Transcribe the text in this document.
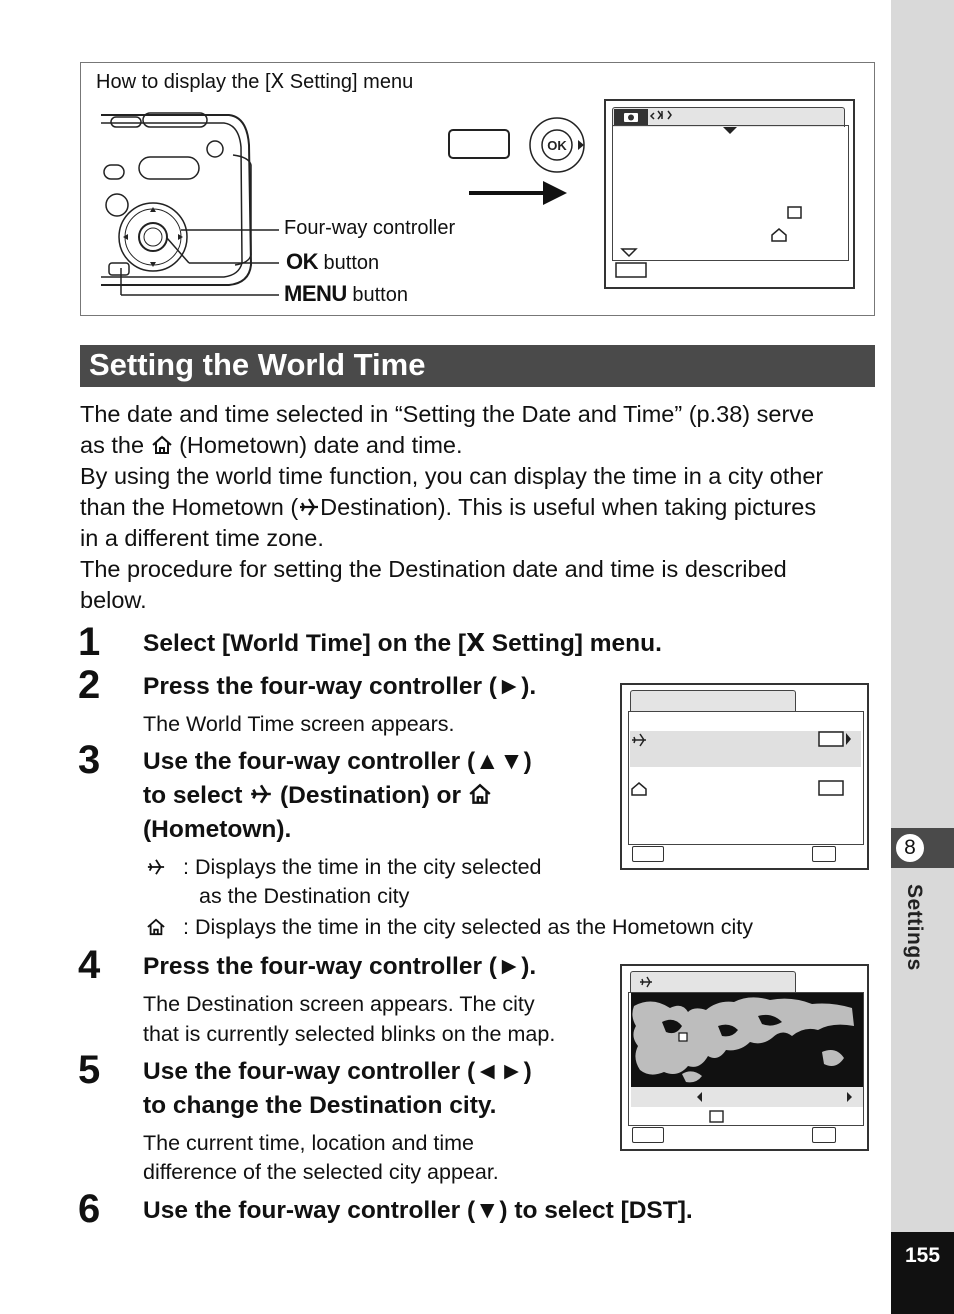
8
Settings
155
How to display the [Ⅹ Setting] menu
Four-way controller
OK button
MENU button
OK
Setting the World Time
The date and time selected in “Setting the Date and Time” (p.38) serve
as the  (Hometown) date and time.
By using the world time function, you can display the time in a city other
than the Hometown ( Destination). This is useful when taking pictures
in a different time zone.
The procedure for setting the Destination date and time is described
below.
1 Select [World Time] on the [Ⅹ Setting] menu.
2 Press the four-way controller (►).
The World Time screen appears.
3 Use the four-way controller (▲▼)
to select  (Destination) or
(Hometown).
: Displays the time in the city selected
as the Destination city
: Displays the time in the city selected as the Hometown city
4 Press the four-way controller (►).
The Destination screen appears. The city
that is currently selected blinks on the map.
5 Use the four-way controller (◄►)
to change the Destination city.
The current time, location and time
difference of the selected city appear.
6 Use the four-way controller (▼) to select [DST].
